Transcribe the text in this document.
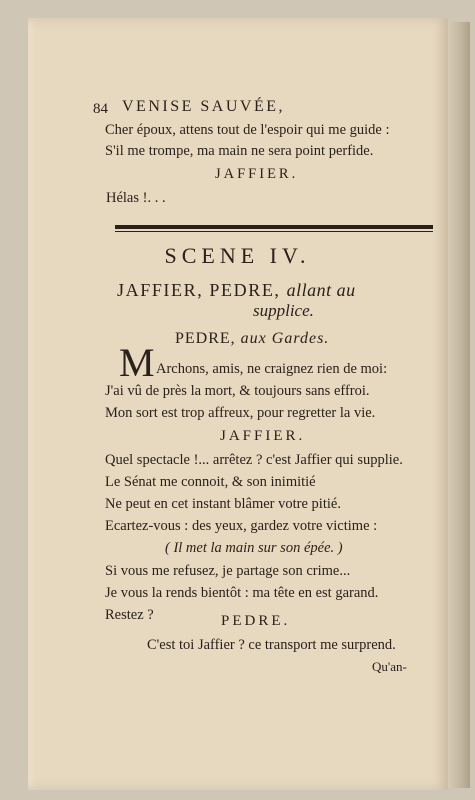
84 VENISE SAUVÉE,
Cher époux, attens tout de l'espoir qui me guide :
S'il me trompe, ma main ne sera point perfide.
JAFFIER.
Hélas !. . .
SCENE IV.
JAFFIER, PEDRE, allant au
supplice.
PEDRE, aux Gardes.
M Archons, amis, ne craignez rien de moi:
J'ai vû de près la mort, & toujours sans effroi.
Mon sort est trop affreux, pour regretter la vie.
JAFFIER.
Quel spectacle !... arrêtez ? c'est Jaffier qui supplie.
Le Sénat me connoit, & son inimitié
Ne peut en cet instant blâmer votre pitié.
Ecartez-vous : des yeux, gardez votre victime :
( Il met la main sur son épée. )
Si vous me refusez, je partage son crime...
Je vous la rends bientôt : ma tête en est garand.
Restez ?	PEDRE.
C'est toi Jaffier ? ce transport me surprend.
Qu'an-
